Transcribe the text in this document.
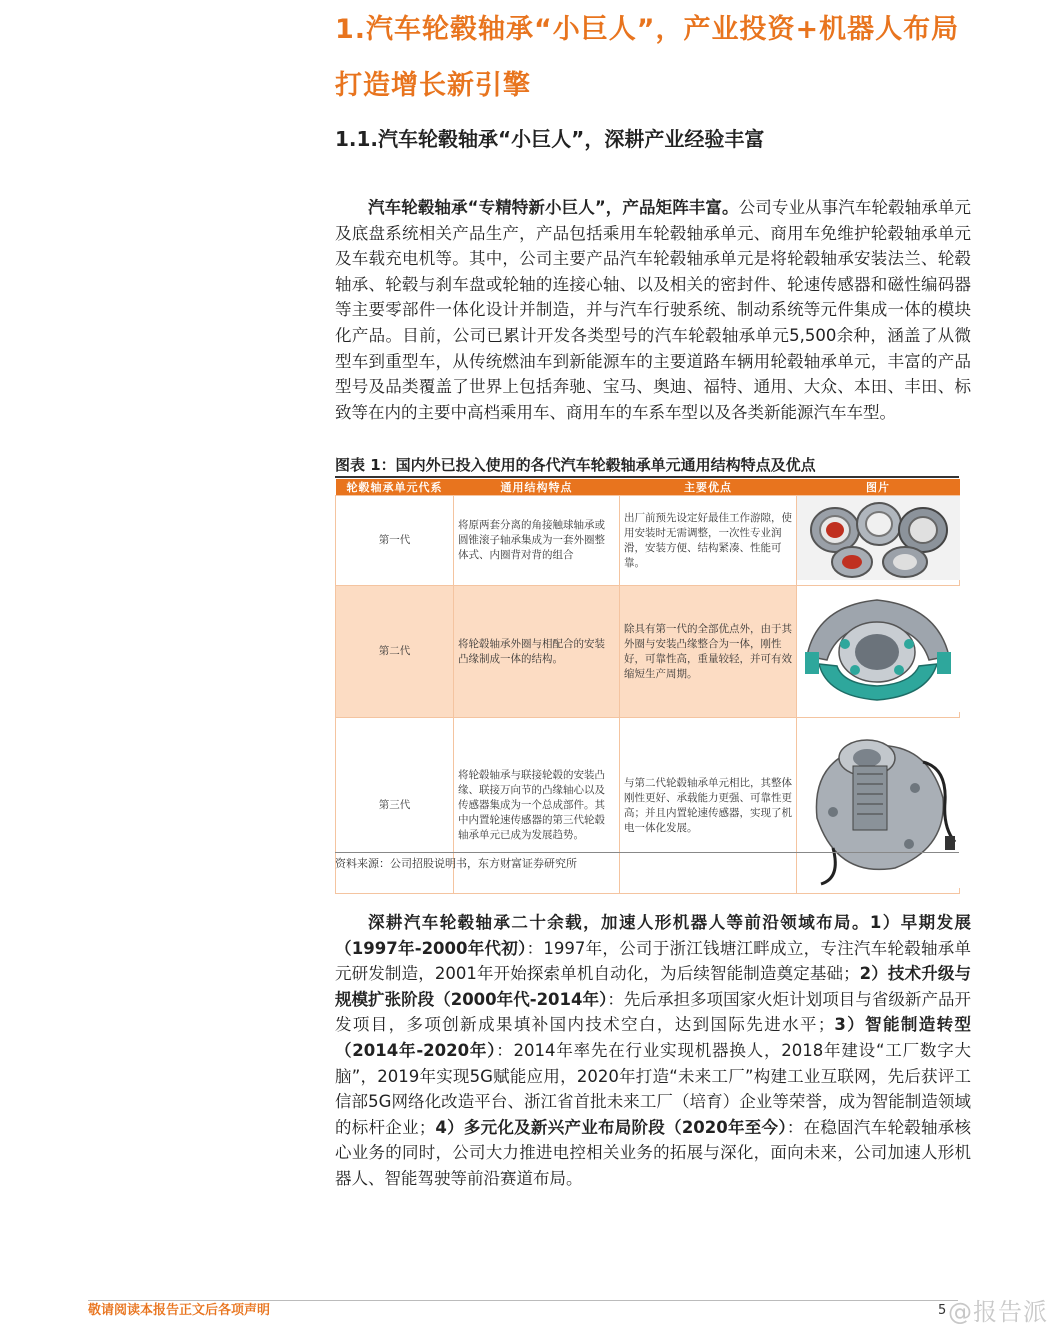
1.汽车轮毂轴承“小巨人”，产业投资+机器人布局打造增长新引擎
1.1.汽车轮毂轴承“小巨人”，深耕产业经验丰富

汽车轮毂轴承“专精特新小巨人”，产品矩阵丰富。公司专业从事汽车轮毂轴承单元及底盘系统相关产品生产，产品包括乘用车轮毂轴承单元、商用车免维护轮毂轴承单元及车载充电机等。其中，公司主要产品汽车轮毂轴承单元是将轮毂轴承安装法兰、轮毂轴承、轮毂与刹车盘或轮轴的连接心轴、以及相关的密封件、轮速传感器和磁性编码器等主要零部件一体化设计并制造，并与汽车行驶系统、制动系统等元件集成一体的模块化产品。目前，公司已累计开发各类型号的汽车轮毂轴承单元5,500余种，涵盖了从微型车到重型车，从传统燃油车到新能源车的主要道路车辆用轮毂轴承单元，丰富的产品型号及品类覆盖了世界上包括奔驰、宝马、奥迪、福特、通用、大众、本田、丰田、标致等在内的主要中高档乘用车、商用车的车系车型以及各类新能源汽车车型。

图表 1：国内外已投入使用的各代汽车轮毂轴承单元通用结构特点及优点
轮毂轴承单元代系	通用结构特点	主要优点	图片
第一代	将原两套分离的角接触球轴承或圆锥滚子轴承集成为一套外圈整体式、内圈背对背的组合	出厂前预先设定好最佳工作游隙，使用安装时无需调整，一次性专业润滑，安装方便、结构紧凑、性能可靠。	
第二代	将轮毂轴承外圈与相配合的安装凸缘制成一体的结构。	除具有第一代的全部优点外，由于其外圈与安装凸缘整合为一体，刚性好，可靠性高，重量较轻，并可有效缩短生产周期。	
第三代	将轮毂轴承与联接轮毂的安装凸缘、联接万向节的凸缘轴心以及传感器集成为一个总成部件。其中内置轮速传感器的第三代轮毂轴承单元已成为发展趋势。	与第二代轮毂轴承单元相比，其整体刚性更好、承载能力更强、可靠性更高；并且内置轮速传感器，实现了机电一体化发展。	
资料来源：公司招股说明书，东方财富证券研究所

深耕汽车轮毂轴承二十余载，加速人形机器人等前沿领域布局。1）早期发展（1997年-2000年代初）：1997年，公司于浙江钱塘江畔成立，专注汽车轮毂轴承单元研发制造，2001年开始探索单机自动化，为后续智能制造奠定基础；2）技术升级与规模扩张阶段（2000年代-2014年）：先后承担多项国家火炬计划项目与省级新产品开发项目，多项创新成果填补国内技术空白，达到国际先进水平；3）智能制造转型（2014年-2020年）：2014年率先在行业实现机器换人，2018年建设“工厂数字大脑”，2019年实现5G赋能应用，2020年打造“未来工厂”构建工业互联网，先后获评工信部5G网络化改造平台、浙江省首批未来工厂（培育）企业等荣誉，成为智能制造领域的标杆企业；4）多元化及新兴产业布局阶段（2020年至今）：在稳固汽车轮毂轴承核心业务的同时，公司大力推进电控相关业务的拓展与深化，面向未来，公司加速人形机器人、智能驾驶等前沿赛道布局。

敬请阅读本报告正文后各项声明	5 @报告派
